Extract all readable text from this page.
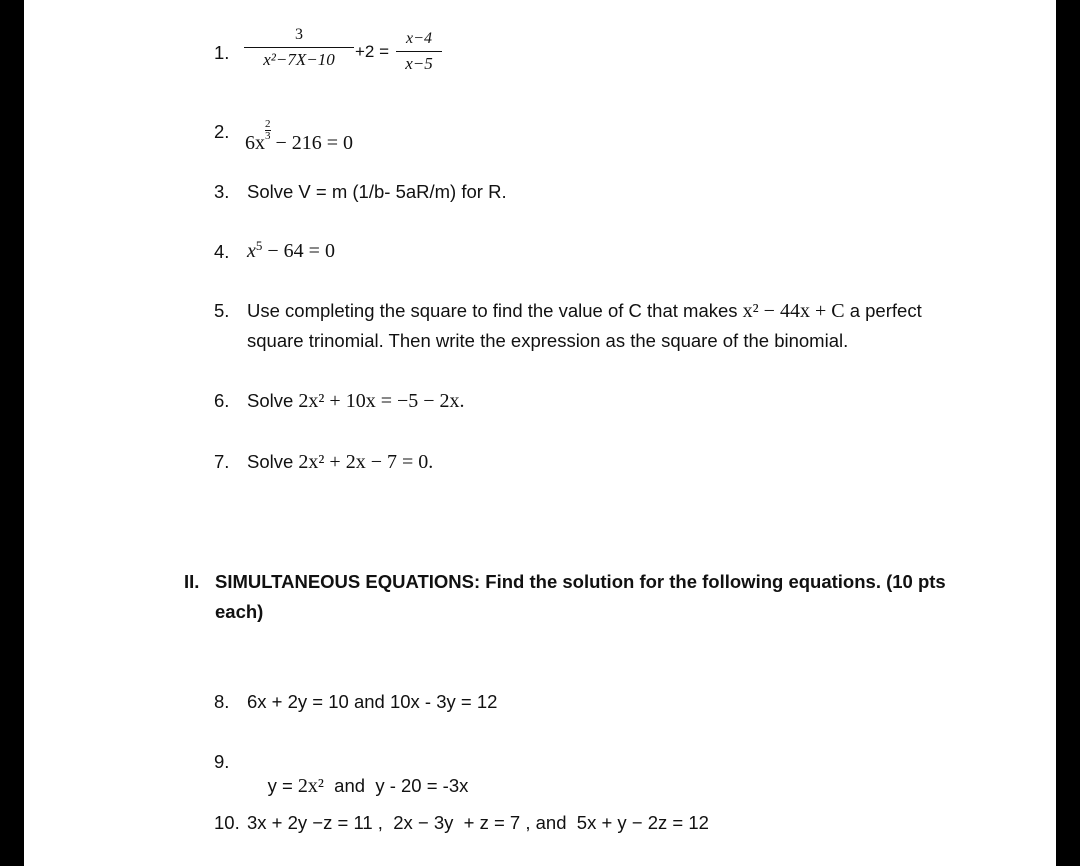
1.
3
x²−7X−10	+2 =
x−4
x−5
2.
6x
$\frac{2}{3}$
− 216 = 0
3. Solve V = m (1/b- 5aR/m) for R.
4. $x^5 - 64 = 0$
5. Use completing the square to find the value of C that makes x² − 44x + C a perfect
square trinomial. Then write the expression as the square of the binomial.
6. Solve 2x² + 10x = −5 − 2x.
7. Solve 2x² + 2x − 7 = 0.
II. SIMULTANEOUS EQUATIONS: Find the solution for the following equations. (10 pts
each)
8. 6x + 2y = 10 and 10x - 3y = 12
9.

y = 2x²  and  y - 20 = -3x

10. 3x + 2y −z = 11 ,  2x − 3y  + z = 7 , and  5x + y − 2z = 12
